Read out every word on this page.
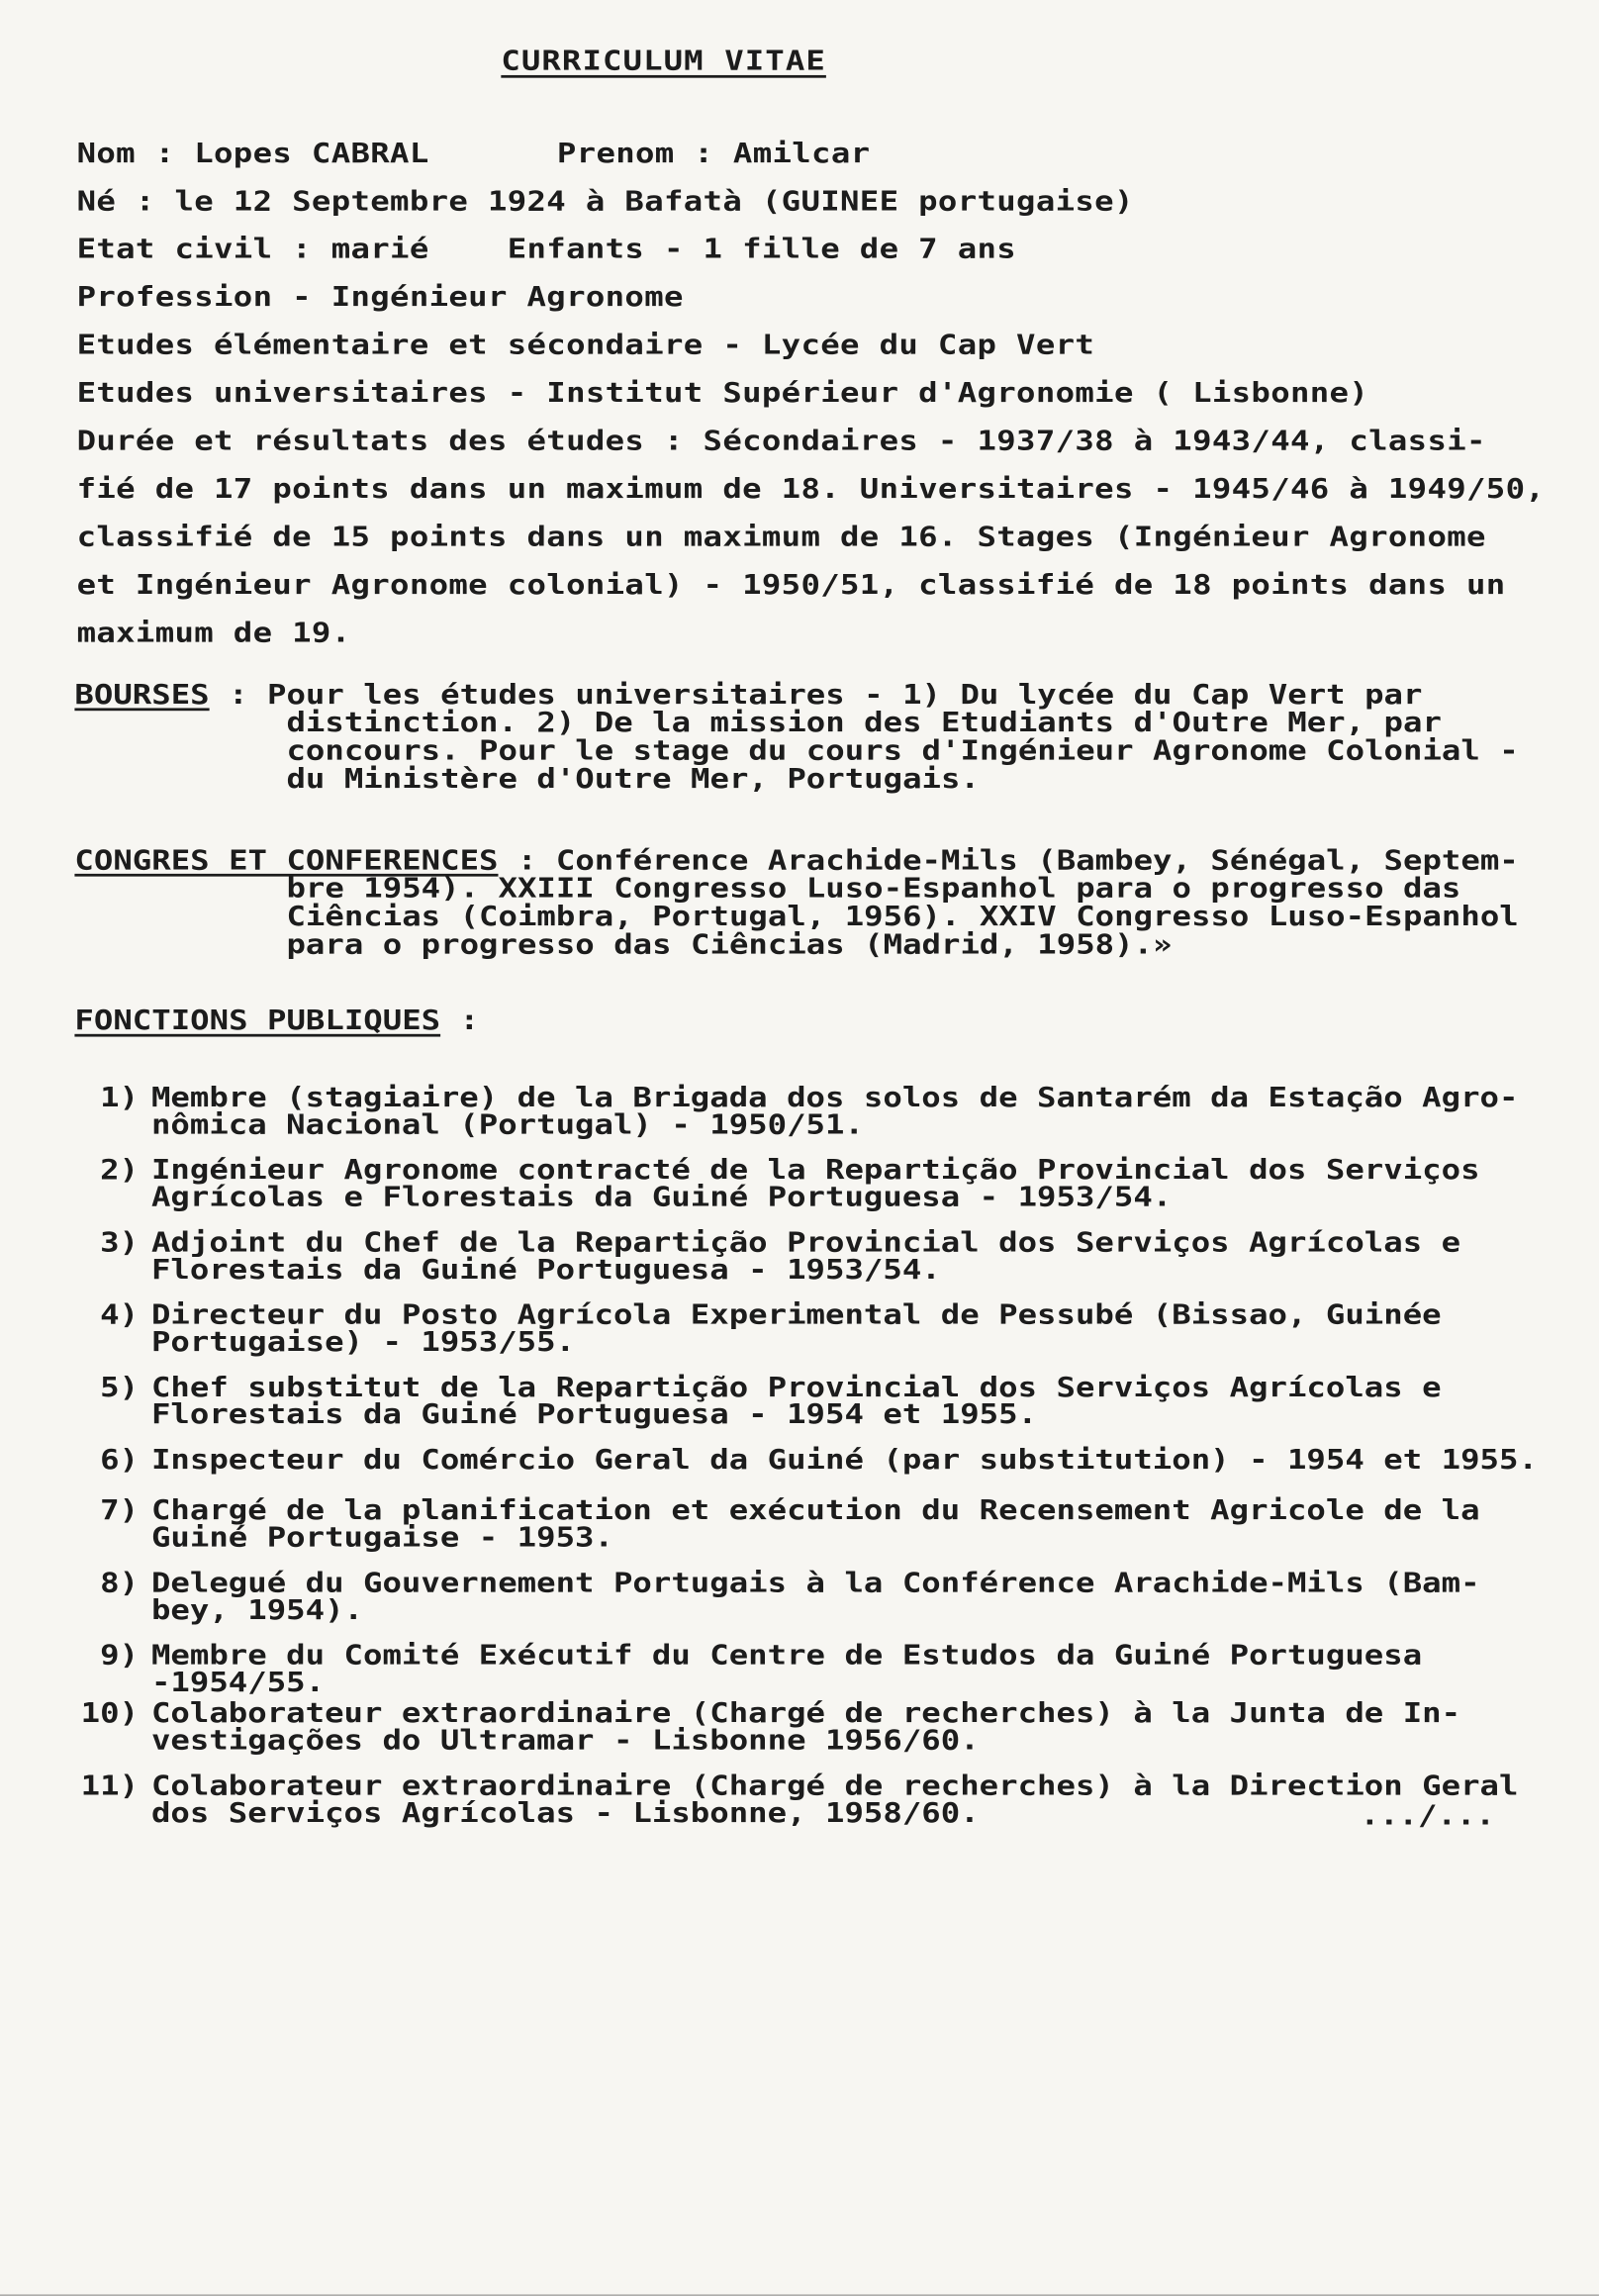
CURRICULUM VITAE
Nom : Lopes CABRAL	Prenom : Amilcar
Né : le 12 Septembre 1924 à Bafatà (GUINEE portugaise)
Etat civil : marié    Enfants - 1 fille de 7 ans
Profession - Ingénieur Agronome
Etudes élémentaire et sécondaire - Lycée du Cap Vert
Etudes universitaires - Institut Supérieur d'Agronomie ( Lisbonne)
Durée et résultats des études : Sécondaires - 1937/38 à 1943/44, classi-
fié de 17 points dans un maximum de 18. Universitaires - 1945/46 à 1949/50,
classifié de 15 points dans un maximum de 16. Stages (Ingénieur Agronome
et Ingénieur Agronome colonial) - 1950/51, classifié de 18 points dans un
maximum de 19.
BOURSES : Pour les études universitaires - 1) Du lycée du Cap Vert par
distinction. 2) De la mission des Etudiants d'Outre Mer, par
concours. Pour le stage du cours d'Ingénieur Agronome Colonial -
du Ministère d'Outre Mer, Portugais.
CONGRES ET CONFERENCES : Conférence Arachide-Mils (Bambey, Sénégal, Septem-
bre 1954). XXIII Congresso Luso-Espanhol para o progresso das
Ciências (Coimbra, Portugal, 1956). XXIV Congresso Luso-Espanhol
para o progresso das Ciências (Madrid, 1958).»
FONCTIONS PUBLIQUES :
1) Membre (stagiaire) de la Brigada dos solos de Santarém da Estação Agro-
nômica Nacional (Portugal) - 1950/51.
2) Ingénieur Agronome contracté de la Repartição Provincial dos Serviços
Agrícolas e Florestais da Guiné Portuguesa - 1953/54.
3) Adjoint du Chef de la Repartição Provincial dos Serviços Agrícolas e
Florestais da Guiné Portuguesa - 1953/54.
4) Directeur du Posto Agrícola Experimental de Pessubé (Bissao, Guinée
Portugaise) - 1953/55.
5) Chef substitut de la Repartição Provincial dos Serviços Agrícolas e
Florestais da Guiné Portuguesa - 1954 et 1955.
6) Inspecteur du Comércio Geral da Guiné (par substitution) - 1954 et 1955.
7) Chargé de la planification et exécution du Recensement Agricole de la
Guiné Portugaise - 1953.
8) Delegué du Gouvernement Portugais à la Conférence Arachide-Mils (Bam-
bey, 1954).
9) Membre du Comité Exécutif du Centre de Estudos da Guiné Portuguesa
-1954/55.
10) Colaborateur extraordinaire (Chargé de recherches) à la Junta de In-
vestigações do Ultramar - Lisbonne 1956/60.
11) Colaborateur extraordinaire (Chargé de recherches) à la Direction Geral
dos Serviços Agrícolas - Lisbonne, 1958/60.	.../...
